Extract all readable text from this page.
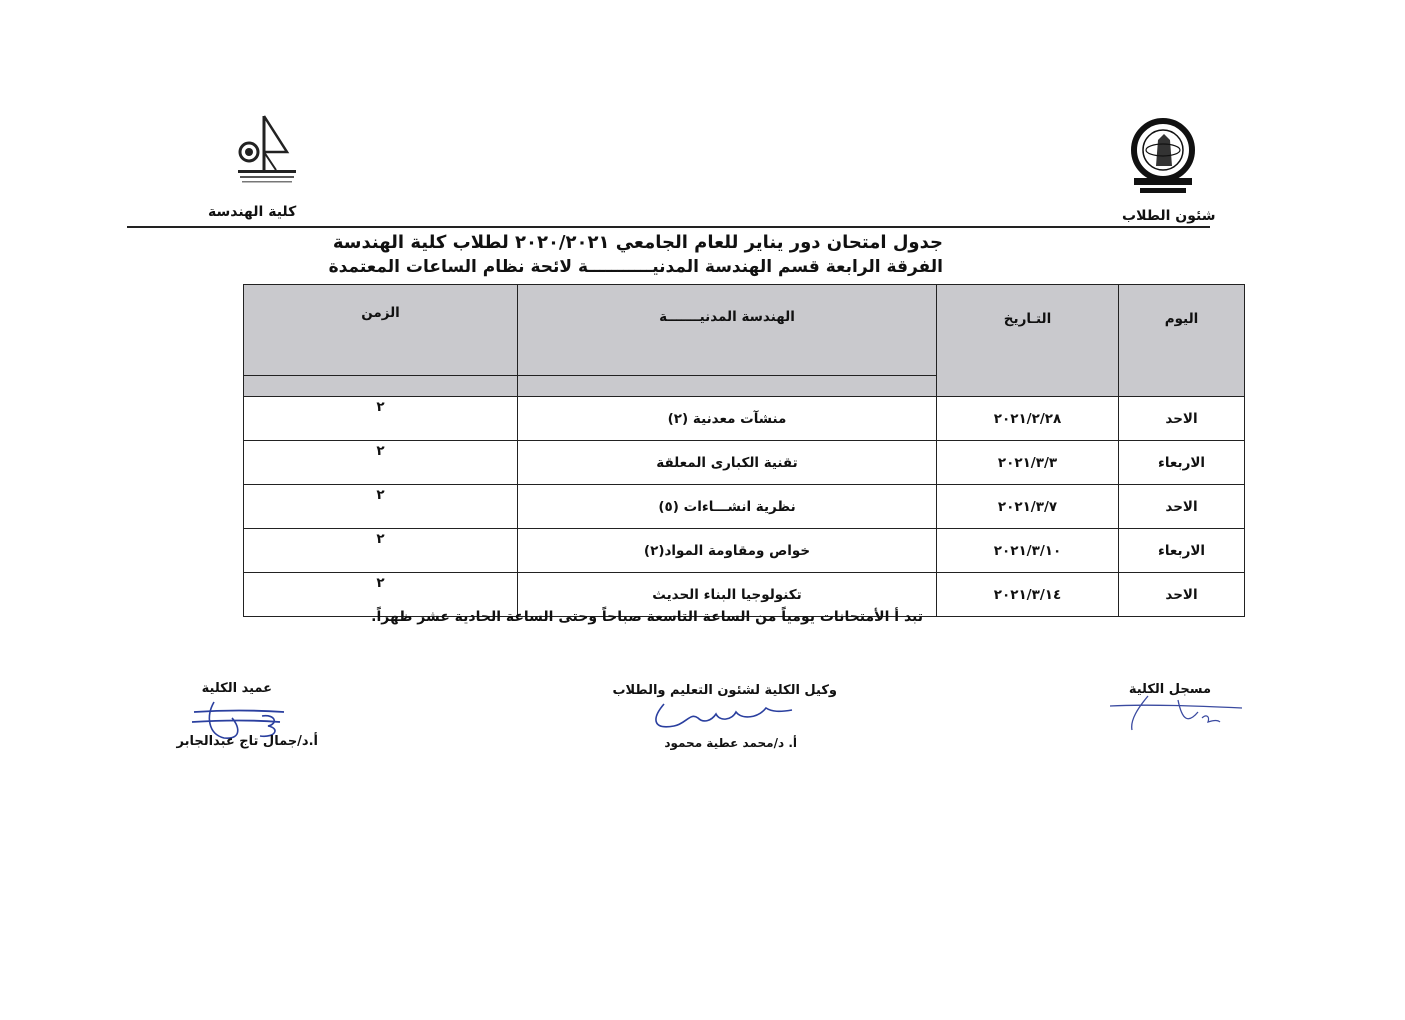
كلية الهندسة	شئون الطلاب
جدول امتحان دور يناير للعام الجامعي ٢٠٢٠/٢٠٢١ لطلاب كلية الهندسة
الفرقة الرابعة قسم الهندسة المدنيـــــــــــة لائحة نظام الساعات المعتمدة
اليوم	التـاريخ	الهندسة المدنيـــــــة	الزمن

الاحد	٢٠٢١/٢/٢٨	منشآت معدنية (٢)	٢
الاربعاء	٢٠٢١/٣/٣	تقنية الكبارى المعلقة	٢
الاحد	٢٠٢١/٣/٧	نظرية انشـــاءات (٥)	٢
الاربعاء	٢٠٢١/٣/١٠	خواص ومقاومة المواد(٢)	٢
الاحد	٢٠٢١/٣/١٤	تكنولوجيا البناء الحديث	٢
تبد أ الأمتحانات يومياً من الساعة التاسعة صباحاً وحتى الساعة الحادية عشر ظهراً.
مسجل الكلية
وكيل الكلية لشئون التعليم والطلاب
أ. د/محمد عطية محمود
عميد الكلية
أ.د/جمال تاج عبدالجابر
